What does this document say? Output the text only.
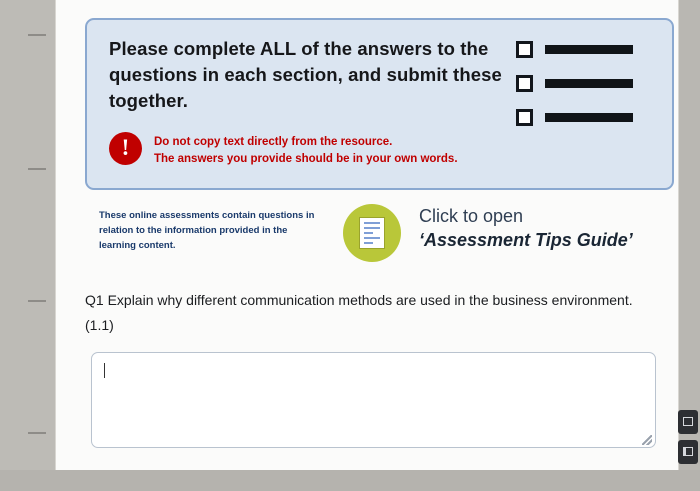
Please complete ALL of the answers to the questions in each section, and submit these together.
!	Do not copy text directly from the resource.
The answers you provide should be in your own words.
These online assessments contain questions in relation to the information provided in the learning content.
Click to open
‘Assessment Tips Guide’
Q1 Explain why different communication methods are used in the business environment. (1.1)
